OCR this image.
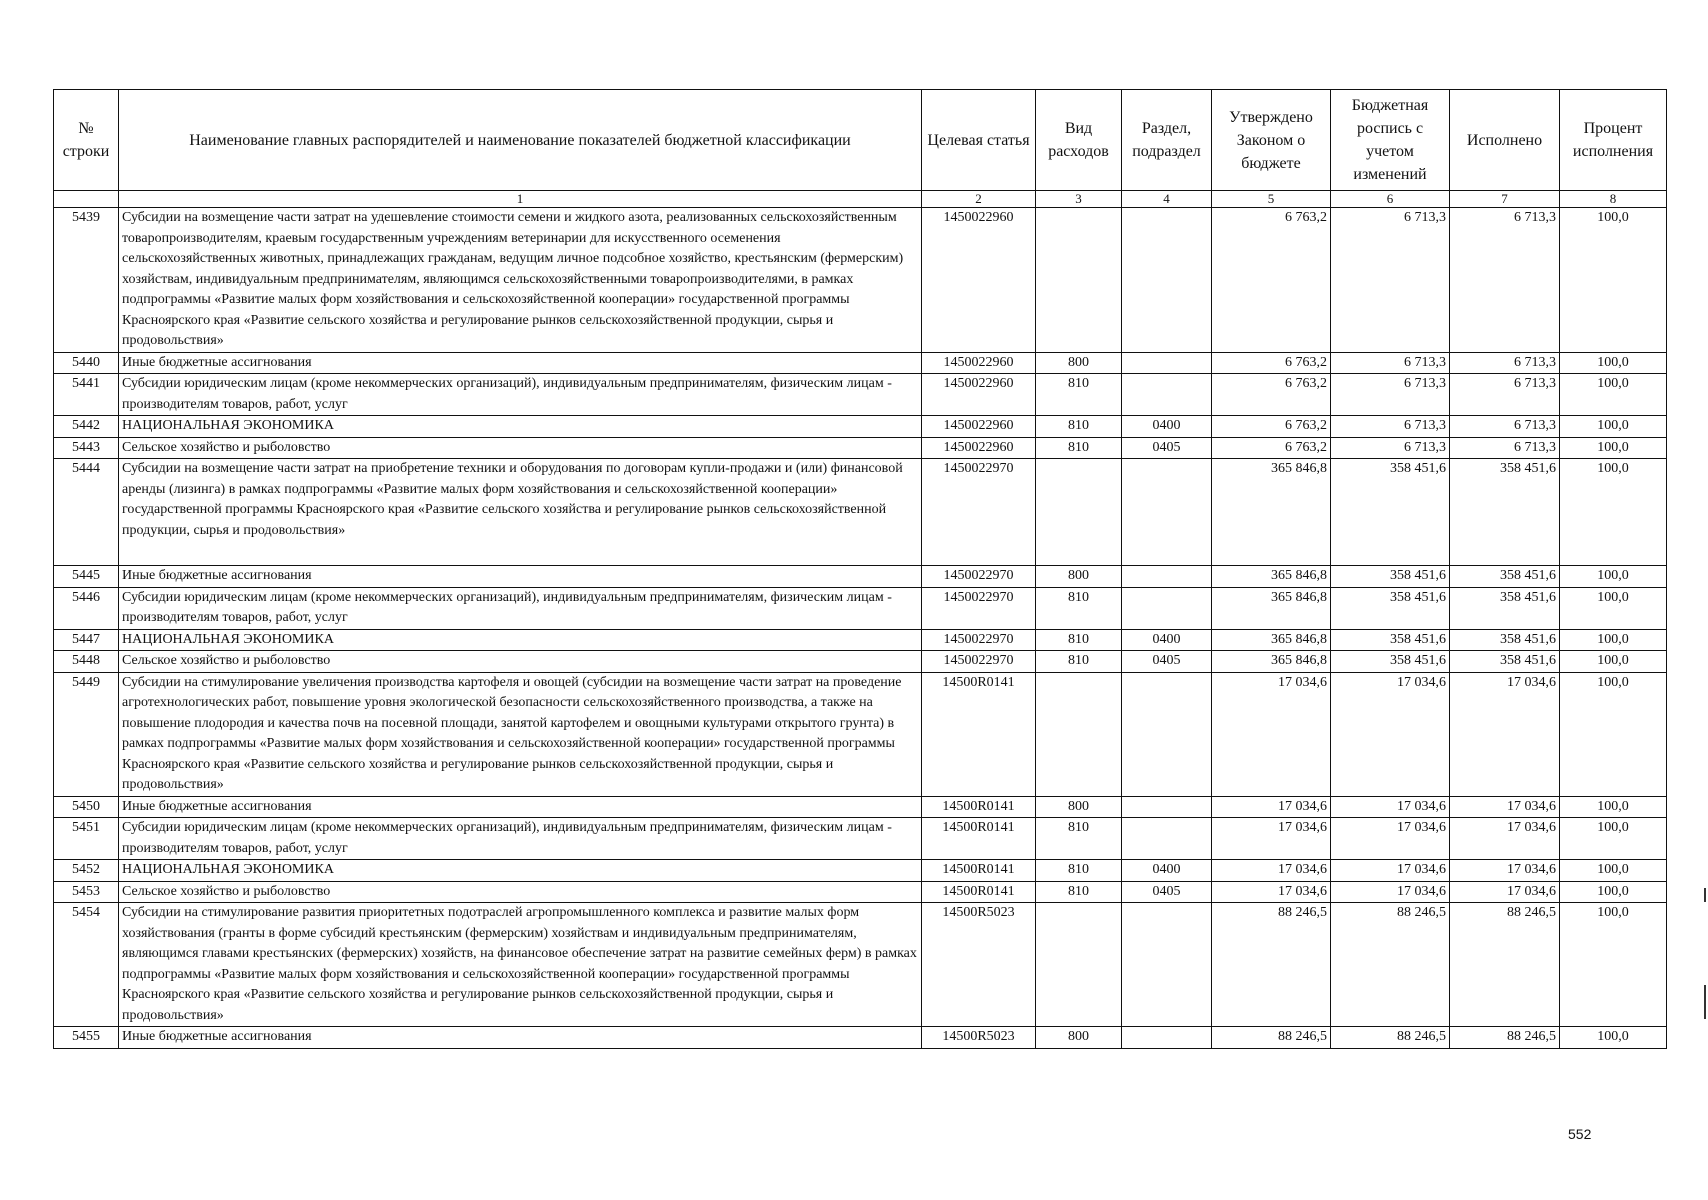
№ строки	Наименование главных распорядителей и наименование показателей бюджетной классификации	Целевая статья	Вид расходов	Раздел, подраздел	Утверждено Законом о бюджете	Бюджетная роспись с учетом изменений	Исполнено	Процент исполнения
	1	2	3	4	5	6	7	8
5439	Субсидии на возмещение части затрат на удешевление стоимости семени и жидкого азота, реализованных сельскохозяйственным товаропроизводителям, краевым государственным учреждениям ветеринарии для искусственного осеменения сельскохозяйственных животных, принадлежащих гражданам, ведущим личное подсобное хозяйство, крестьянским (фермерским) хозяйствам, индивидуальным предпринимателям, являющимся сельскохозяйственными товаропроизводителями, в рамках подпрограммы «Развитие малых форм хозяйствования и сельскохозяйственной кооперации» государственной программы Красноярского края «Развитие сельского хозяйства и регулирование рынков сельскохозяйственной продукции, сырья и продовольствия»	1450022960			6 763,2	6 713,3	6 713,3	100,0
5440	Иные бюджетные ассигнования	1450022960	800		6 763,2	6 713,3	6 713,3	100,0
5441	Субсидии юридическим лицам (кроме некоммерческих организаций), индивидуальным предпринимателям, физическим лицам - производителям товаров, работ, услуг	1450022960	810		6 763,2	6 713,3	6 713,3	100,0
5442	НАЦИОНАЛЬНАЯ ЭКОНОМИКА	1450022960	810	0400	6 763,2	6 713,3	6 713,3	100,0
5443	Сельское хозяйство и рыболовство	1450022960	810	0405	6 763,2	6 713,3	6 713,3	100,0
5444	Субсидии на возмещение части затрат на приобретение техники и оборудования по договорам купли-продажи и (или) финансовой аренды (лизинга) в рамках подпрограммы «Развитие малых форм хозяйствования и сельскохозяйственной кооперации» государственной программы Красноярского края «Развитие сельского хозяйства и регулирование рынков сельскохозяйственной продукции, сырья и продовольствия»	1450022970			365 846,8	358 451,6	358 451,6	100,0
5445	Иные бюджетные ассигнования	1450022970	800		365 846,8	358 451,6	358 451,6	100,0
5446	Субсидии юридическим лицам (кроме некоммерческих организаций), индивидуальным предпринимателям, физическим лицам - производителям товаров, работ, услуг	1450022970	810		365 846,8	358 451,6	358 451,6	100,0
5447	НАЦИОНАЛЬНАЯ ЭКОНОМИКА	1450022970	810	0400	365 846,8	358 451,6	358 451,6	100,0
5448	Сельское хозяйство и рыболовство	1450022970	810	0405	365 846,8	358 451,6	358 451,6	100,0
5449	Субсидии на стимулирование увеличения производства картофеля и овощей (субсидии на возмещение части затрат на проведение агротехнологических работ, повышение уровня экологической безопасности сельскохозяйственного производства, а также на повышение плодородия и качества почв на посевной площади, занятой картофелем и овощными культурами открытого грунта) в рамках подпрограммы «Развитие малых форм хозяйствования и сельскохозяйственной кооперации» государственной программы Красноярского края «Развитие сельского хозяйства и регулирование рынков сельскохозяйственной продукции, сырья и продовольствия»	14500R0141			17 034,6	17 034,6	17 034,6	100,0
5450	Иные бюджетные ассигнования	14500R0141	800		17 034,6	17 034,6	17 034,6	100,0
5451	Субсидии юридическим лицам (кроме некоммерческих организаций), индивидуальным предпринимателям, физическим лицам - производителям товаров, работ, услуг	14500R0141	810		17 034,6	17 034,6	17 034,6	100,0
5452	НАЦИОНАЛЬНАЯ ЭКОНОМИКА	14500R0141	810	0400	17 034,6	17 034,6	17 034,6	100,0
5453	Сельское хозяйство и рыболовство	14500R0141	810	0405	17 034,6	17 034,6	17 034,6	100,0
5454	Субсидии на стимулирование развития приоритетных подотраслей агропромышленного комплекса и развитие малых форм хозяйствования (гранты в форме субсидий крестьянским (фермерским) хозяйствам и индивидуальным предпринимателям, являющимся главами крестьянских (фермерских) хозяйств, на финансовое обеспечение затрат на развитие семейных ферм) в рамках подпрограммы «Развитие малых форм хозяйствования и сельскохозяйственной кооперации» государственной программы Красноярского края «Развитие сельского хозяйства и регулирование рынков сельскохозяйственной продукции, сырья и продовольствия»	14500R5023			88 246,5	88 246,5	88 246,5	100,0
5455	Иные бюджетные ассигнования	14500R5023	800		88 246,5	88 246,5	88 246,5	100,0
552
